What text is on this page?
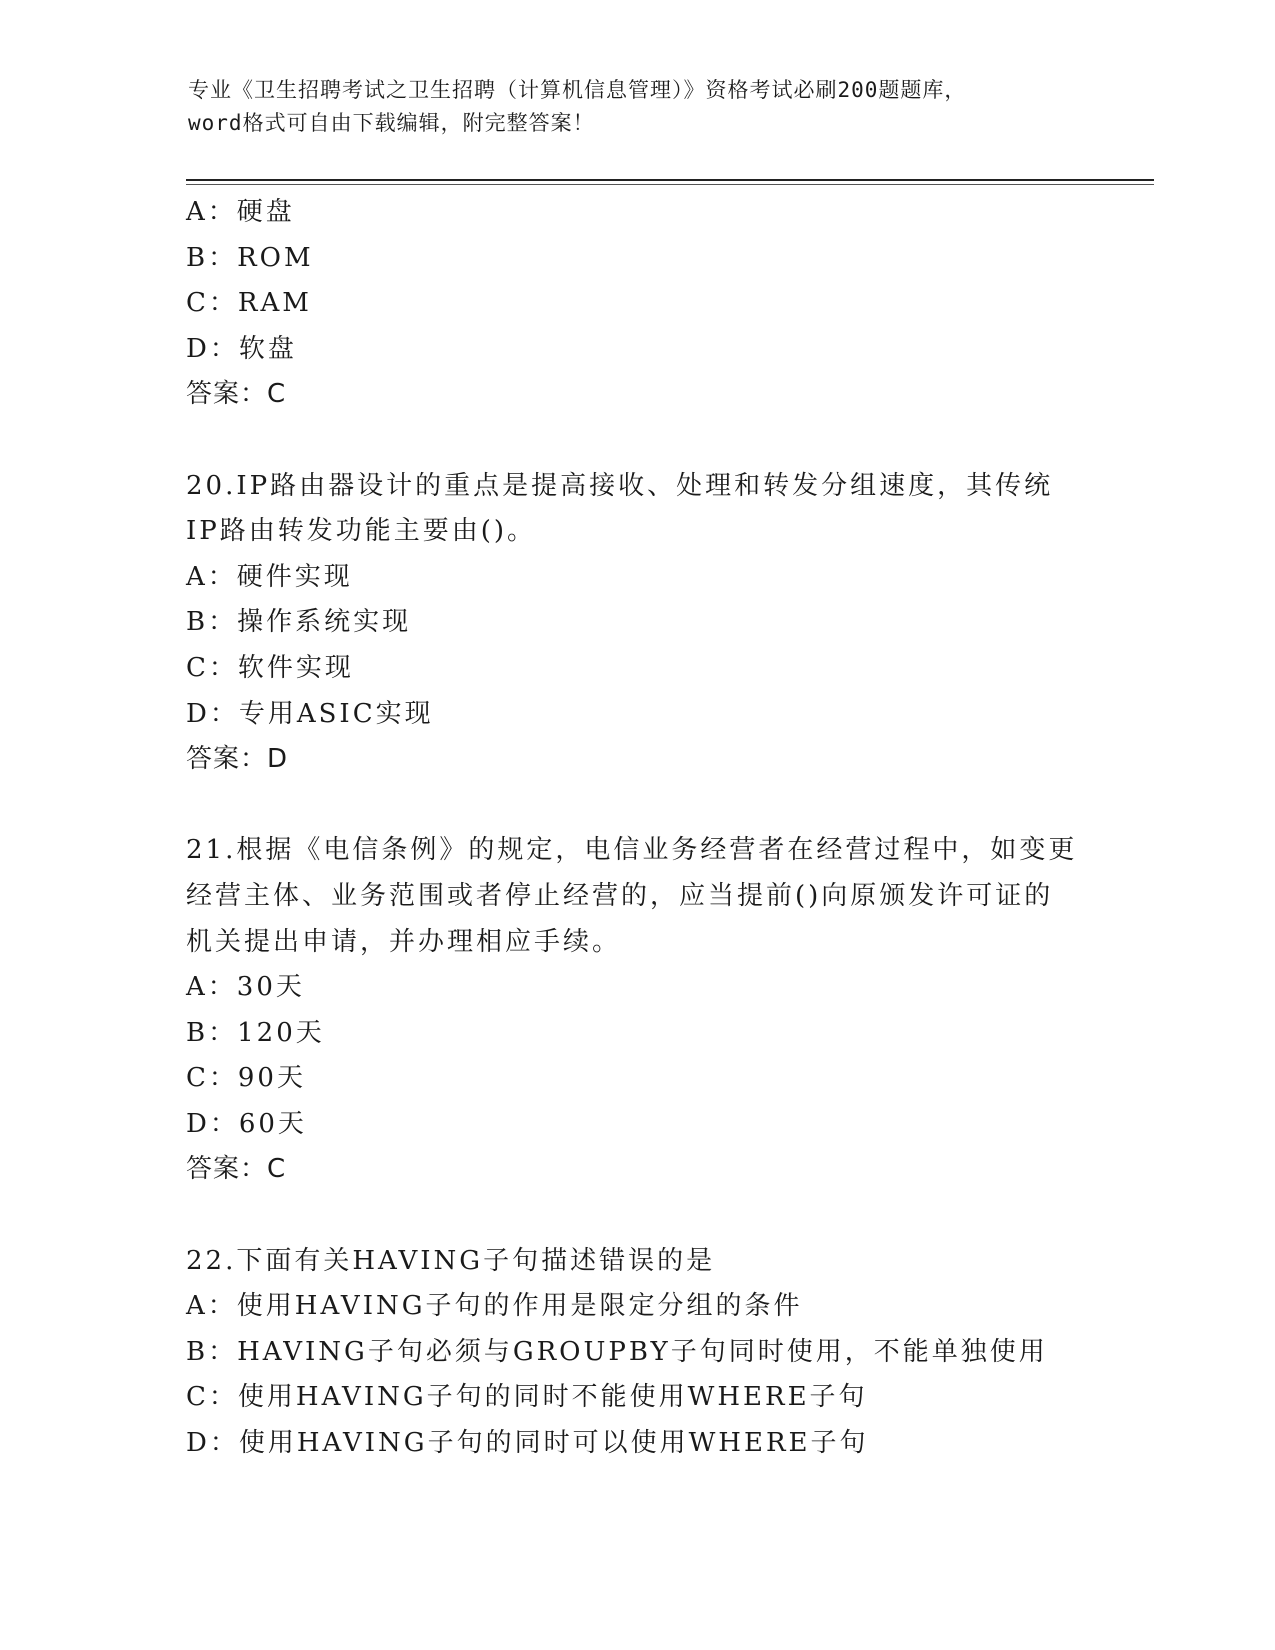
专业《卫生招聘考试之卫生招聘（计算机信息管理）》资格考试必刷200题题库，
word格式可自由下载编辑，附完整答案！
A：硬盘
B：ROM
C：RAM
D：软盘
答案：C
20.IP路由器设计的重点是提高接收、处理和转发分组速度，其传统
IP路由转发功能主要由()。
A：硬件实现
B：操作系统实现
C：软件实现
D：专用ASIC实现
答案：D
21.根据《电信条例》的规定，电信业务经营者在经营过程中，如变更
经营主体、业务范围或者停止经营的，应当提前()向原颁发许可证的
机关提出申请，并办理相应手续。
A：30天
B：120天
C：90天
D：60天
答案：C
22.下面有关HAVING子句描述错误的是
A：使用HAVING子句的作用是限定分组的条件
B：HAVING子句必须与GROUPBY子句同时使用，不能单独使用
C：使用HAVING子句的同时不能使用WHERE子句
D：使用HAVING子句的同时可以使用WHERE子句
